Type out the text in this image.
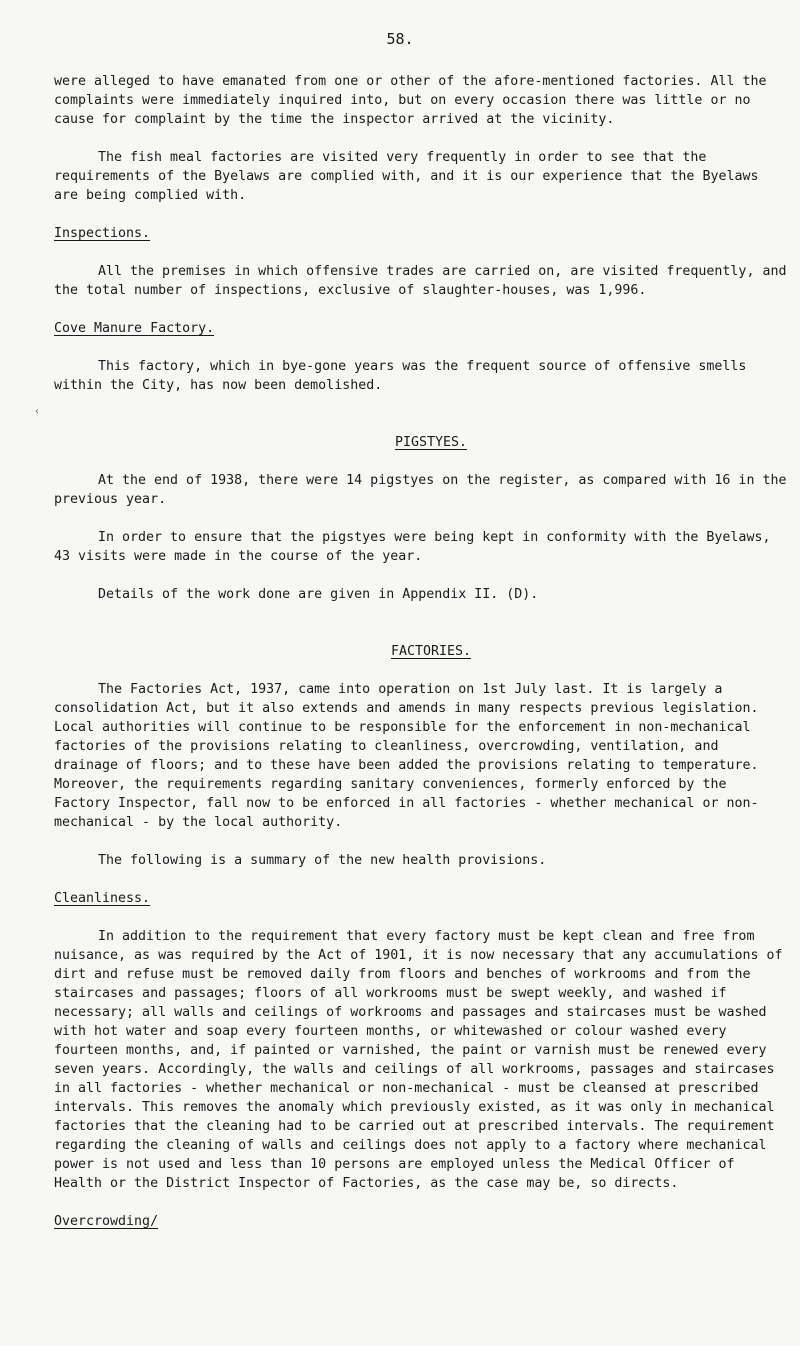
58.
‹

were alleged to have emanated from one or other of the afore-mentioned factories. All the complaints were immediately inquired into, but on every occasion there was little or no cause for complaint by the time the inspector arrived at the vicinity.

The fish meal factories are visited very frequently in order to see that the requirements of the Byelaws are complied with, and it is our experience that the Byelaws are being complied with.

Inspections.

All the premises in which offensive trades are carried on, are visited frequently, and the total number of inspections, exclusive of slaughter-houses, was 1,996.

Cove Manure Factory.

This factory, which in bye-gone years was the frequent source of offensive smells within the City, has now been demolished.

PIGSTYES.

At the end of 1938, there were 14 pigstyes on the register, as compared with 16 in the previous year.

In order to ensure that the pigstyes were being kept in conformity with the Byelaws, 43 visits were made in the course of the year.

Details of the work done are given in Appendix II. (D).

FACTORIES.

The Factories Act, 1937, came into operation on 1st July last. It is largely a consolidation Act, but it also extends and amends in many respects previous legislation. Local authorities will continue to be responsible for the enforcement in non-mechanical factories of the provisions relating to cleanliness, overcrowding, ventilation, and drainage of floors; and to these have been added the provisions relating to temperature. Moreover, the requirements regarding sanitary conveniences, formerly enforced by the Factory Inspector, fall now to be enforced in all factories - whether mechanical or non-mechanical - by the local authority.

The following is a summary of the new health provisions.

Cleanliness.

In addition to the requirement that every factory must be kept clean and free from nuisance, as was required by the Act of 1901, it is now necessary that any accumulations of dirt and refuse must be removed daily from floors and benches of workrooms and from the staircases and passages; floors of all workrooms must be swept weekly, and washed if necessary; all walls and ceilings of workrooms and passages and staircases must be washed with hot water and soap every fourteen months, or whitewashed or colour washed every fourteen months, and, if painted or varnished, the paint or varnish must be renewed every seven years. Accordingly, the walls and ceilings of all workrooms, passages and staircases in all factories - whether mechanical or non-mechanical - must be cleansed at prescribed intervals. This removes the anomaly which previously existed, as it was only in mechanical factories that the cleaning had to be carried out at prescribed intervals. The requirement regarding the cleaning of walls and ceilings does not apply to a factory where mechanical power is not used and less than 10 persons are employed unless the Medical Officer of Health or the District Inspector of Factories, as the case may be, so directs.

Overcrowding/
